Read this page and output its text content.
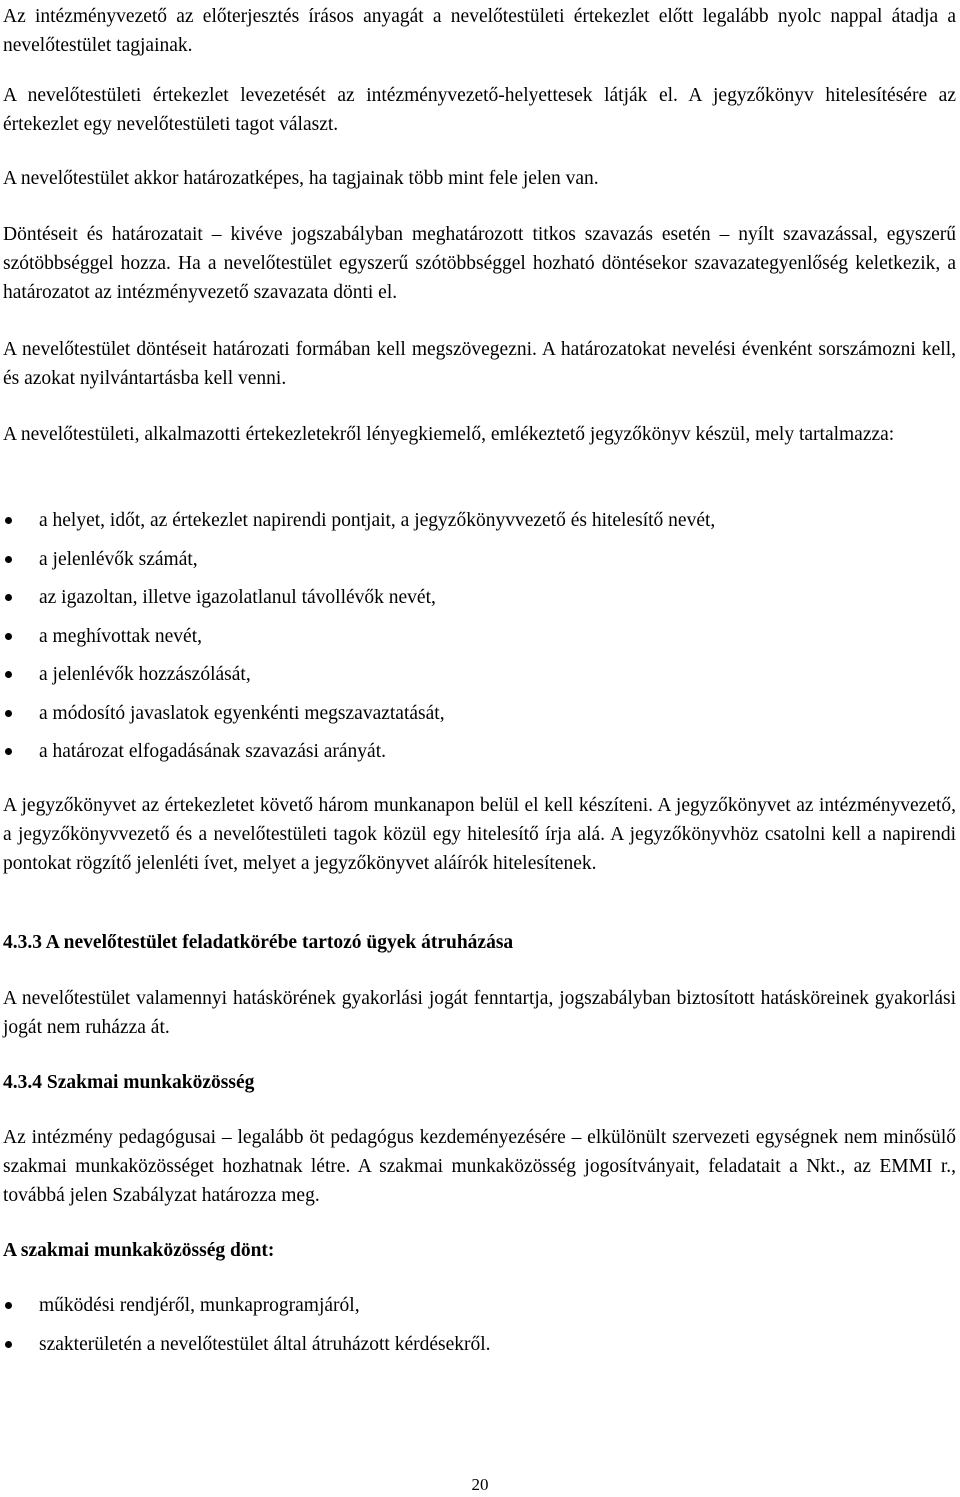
Az intézményvezető az előterjesztés írásos anyagát a nevelőtestületi értekezlet előtt legalább nyolc nappal átadja a nevelőtestület tagjainak.

A nevelőtestületi értekezlet levezetését az intézményvezető-helyettesek látják el. A jegyzőkönyv hitelesítésére az értekezlet egy nevelőtestületi tagot választ.

A nevelőtestület akkor határozatképes, ha tagjainak több mint fele jelen van.

Döntéseit és határozatait – kivéve jogszabályban meghatározott titkos szavazás esetén – nyílt szavazással, egyszerű szótöbbséggel hozza. Ha a nevelőtestület egyszerű szótöbbséggel hozható döntésekor szavazategyenlőség keletkezik, a határozatot az intézményvezető szavazata dönti el.

A nevelőtestület döntéseit határozati formában kell megszövegezni. A határozatokat nevelési évenként sorszámozni kell, és azokat nyilvántartásba kell venni.

A nevelőtestületi, alkalmazotti értekezletekről lényegkiemelő, emlékeztető jegyzőkönyv készül, mely tartalmazza:

a helyet, időt, az értekezlet napirendi pontjait, a jegyzőkönyvvezető és hitelesítő nevét,
a jelenlévők számát,
az igazoltan, illetve igazolatlanul távollévők nevét,
a meghívottak nevét,
a jelenlévők hozzászólását,
a módosító javaslatok egyenkénti megszavaztatását,
a határozat elfogadásának szavazási arányát.

A jegyzőkönyvet az értekezletet követő három munkanapon belül el kell készíteni. A jegyzőkönyvet az intézményvezető, a jegyzőkönyvvezető és a nevelőtestületi tagok közül egy hitelesítő írja alá. A jegyzőkönyvhöz csatolni kell a napirendi pontokat rögzítő jelenléti ívet, melyet a jegyzőkönyvet aláírók hitelesítenek.

4.3.3 A nevelőtestület feladatkörébe tartozó ügyek átruházása

A nevelőtestület valamennyi hatáskörének gyakorlási jogát fenntartja, jogszabályban biztosított hatásköreinek gyakorlási jogát nem ruházza át.

4.3.4 Szakmai munkaközösség

Az intézmény pedagógusai – legalább öt pedagógus kezdeményezésére – elkülönült szervezeti egységnek nem minősülő szakmai munkaközösséget hozhatnak létre. A szakmai munkaközösség jogosítványait, feladatait a Nkt., az EMMI r., továbbá jelen Szabályzat határozza meg.

A szakmai munkaközösség dönt:
működési rendjéről, munkaprogramjáról,
szakterületén a nevelőtestület által átruházott kérdésekről.
20
